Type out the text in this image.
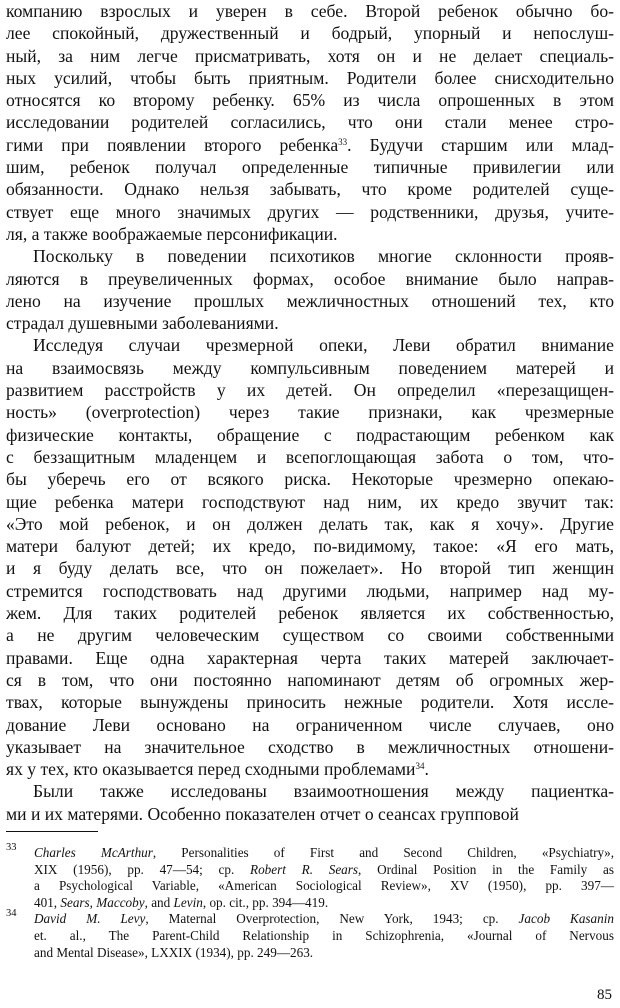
компанию взрослых и уверен в себе. Второй ребенок обычно бо-
лее спокойный, дружественный и бодрый, упорный и непослуш-
ный, за ним легче присматривать, хотя он и не делает специаль-
ных усилий, чтобы быть приятным. Родители более снисходительно
относятся ко второму ребенку. 65% из числа опрошенных в этом
исследовании родителей согласились, что они стали менее стро-
гими при появлении второго ребенка$^{33}$. Будучи старшим или млад-
шим, ребенок получал определенные типичные привилегии или
обязанности. Однако нельзя забывать, что кроме родителей суще-
ствует еще много значимых других — родственники, друзья, учите-
ля, а также воображаемые персонификации.
Поскольку в поведении психотиков многие склонности прояв-
ляются в преувеличенных формах, особое внимание было направ-
лено на изучение прошлых межличностных отношений тех, кто
страдал душевными заболеваниями.
Исследуя случаи чрезмерной опеки, Леви обратил внимание
на взаимосвязь между компульсивным поведением матерей и
развитием расстройств у их детей. Он определил «перезащищен-
ность» (overprotection) через такие признаки, как чрезмерные
физические контакты, обращение с подрастающим ребенком как
с беззащитным младенцем и всепоглощающая забота о том, что-
бы уберечь его от всякого риска. Некоторые чрезмерно опекаю-
щие ребенка матери господствуют над ним, их кредо звучит так:
«Это мой ребенок, и он должен делать так, как я хочу». Другие
матери балуют детей; их кредо, по-видимому, такое: «Я его мать,
и я буду делать все, что он пожелает». Но второй тип женщин
стремится господствовать над другими людьми, например над му-
жем. Для таких родителей ребенок является их собственностью,
а не другим человеческим существом со своими собственными
правами. Еще одна характерная черта таких матерей заключает-
ся в том, что они постоянно напоминают детям об огромных жер-
твах, которые вынуждены приносить нежные родители. Хотя иссле-
дование Леви основано на ограниченном числе случаев, оно
указывает на значительное сходство в межличностных отношени-
ях у тех, кто оказывается перед сходными проблемами$^{34}$.
Были также исследованы взаимоотношения между пациентка-
ми и их матерями. Особенно показателен отчет о сеансах групповой
33 Charles McArthur, Personalities of First and Second Children, «Psychiatry»,
XIX (1956), pp. 47—54; cp. Robert R. Sears, Ordinal Position in the Family as
a Psychological Variable, «American Sociological Review», XV (1950), pp. 397—
401, Sears, Maccoby, and Levin, op. cit., pp. 394—419.
34 David M. Levy, Maternal Overprotection, New York, 1943; cp. Jacob Kasanin
et. al., The Parent-Child Relationship in Schizophrenia, «Journal of Nervous
and Mental Disease», LXXIX (1934), pp. 249—263.
85
